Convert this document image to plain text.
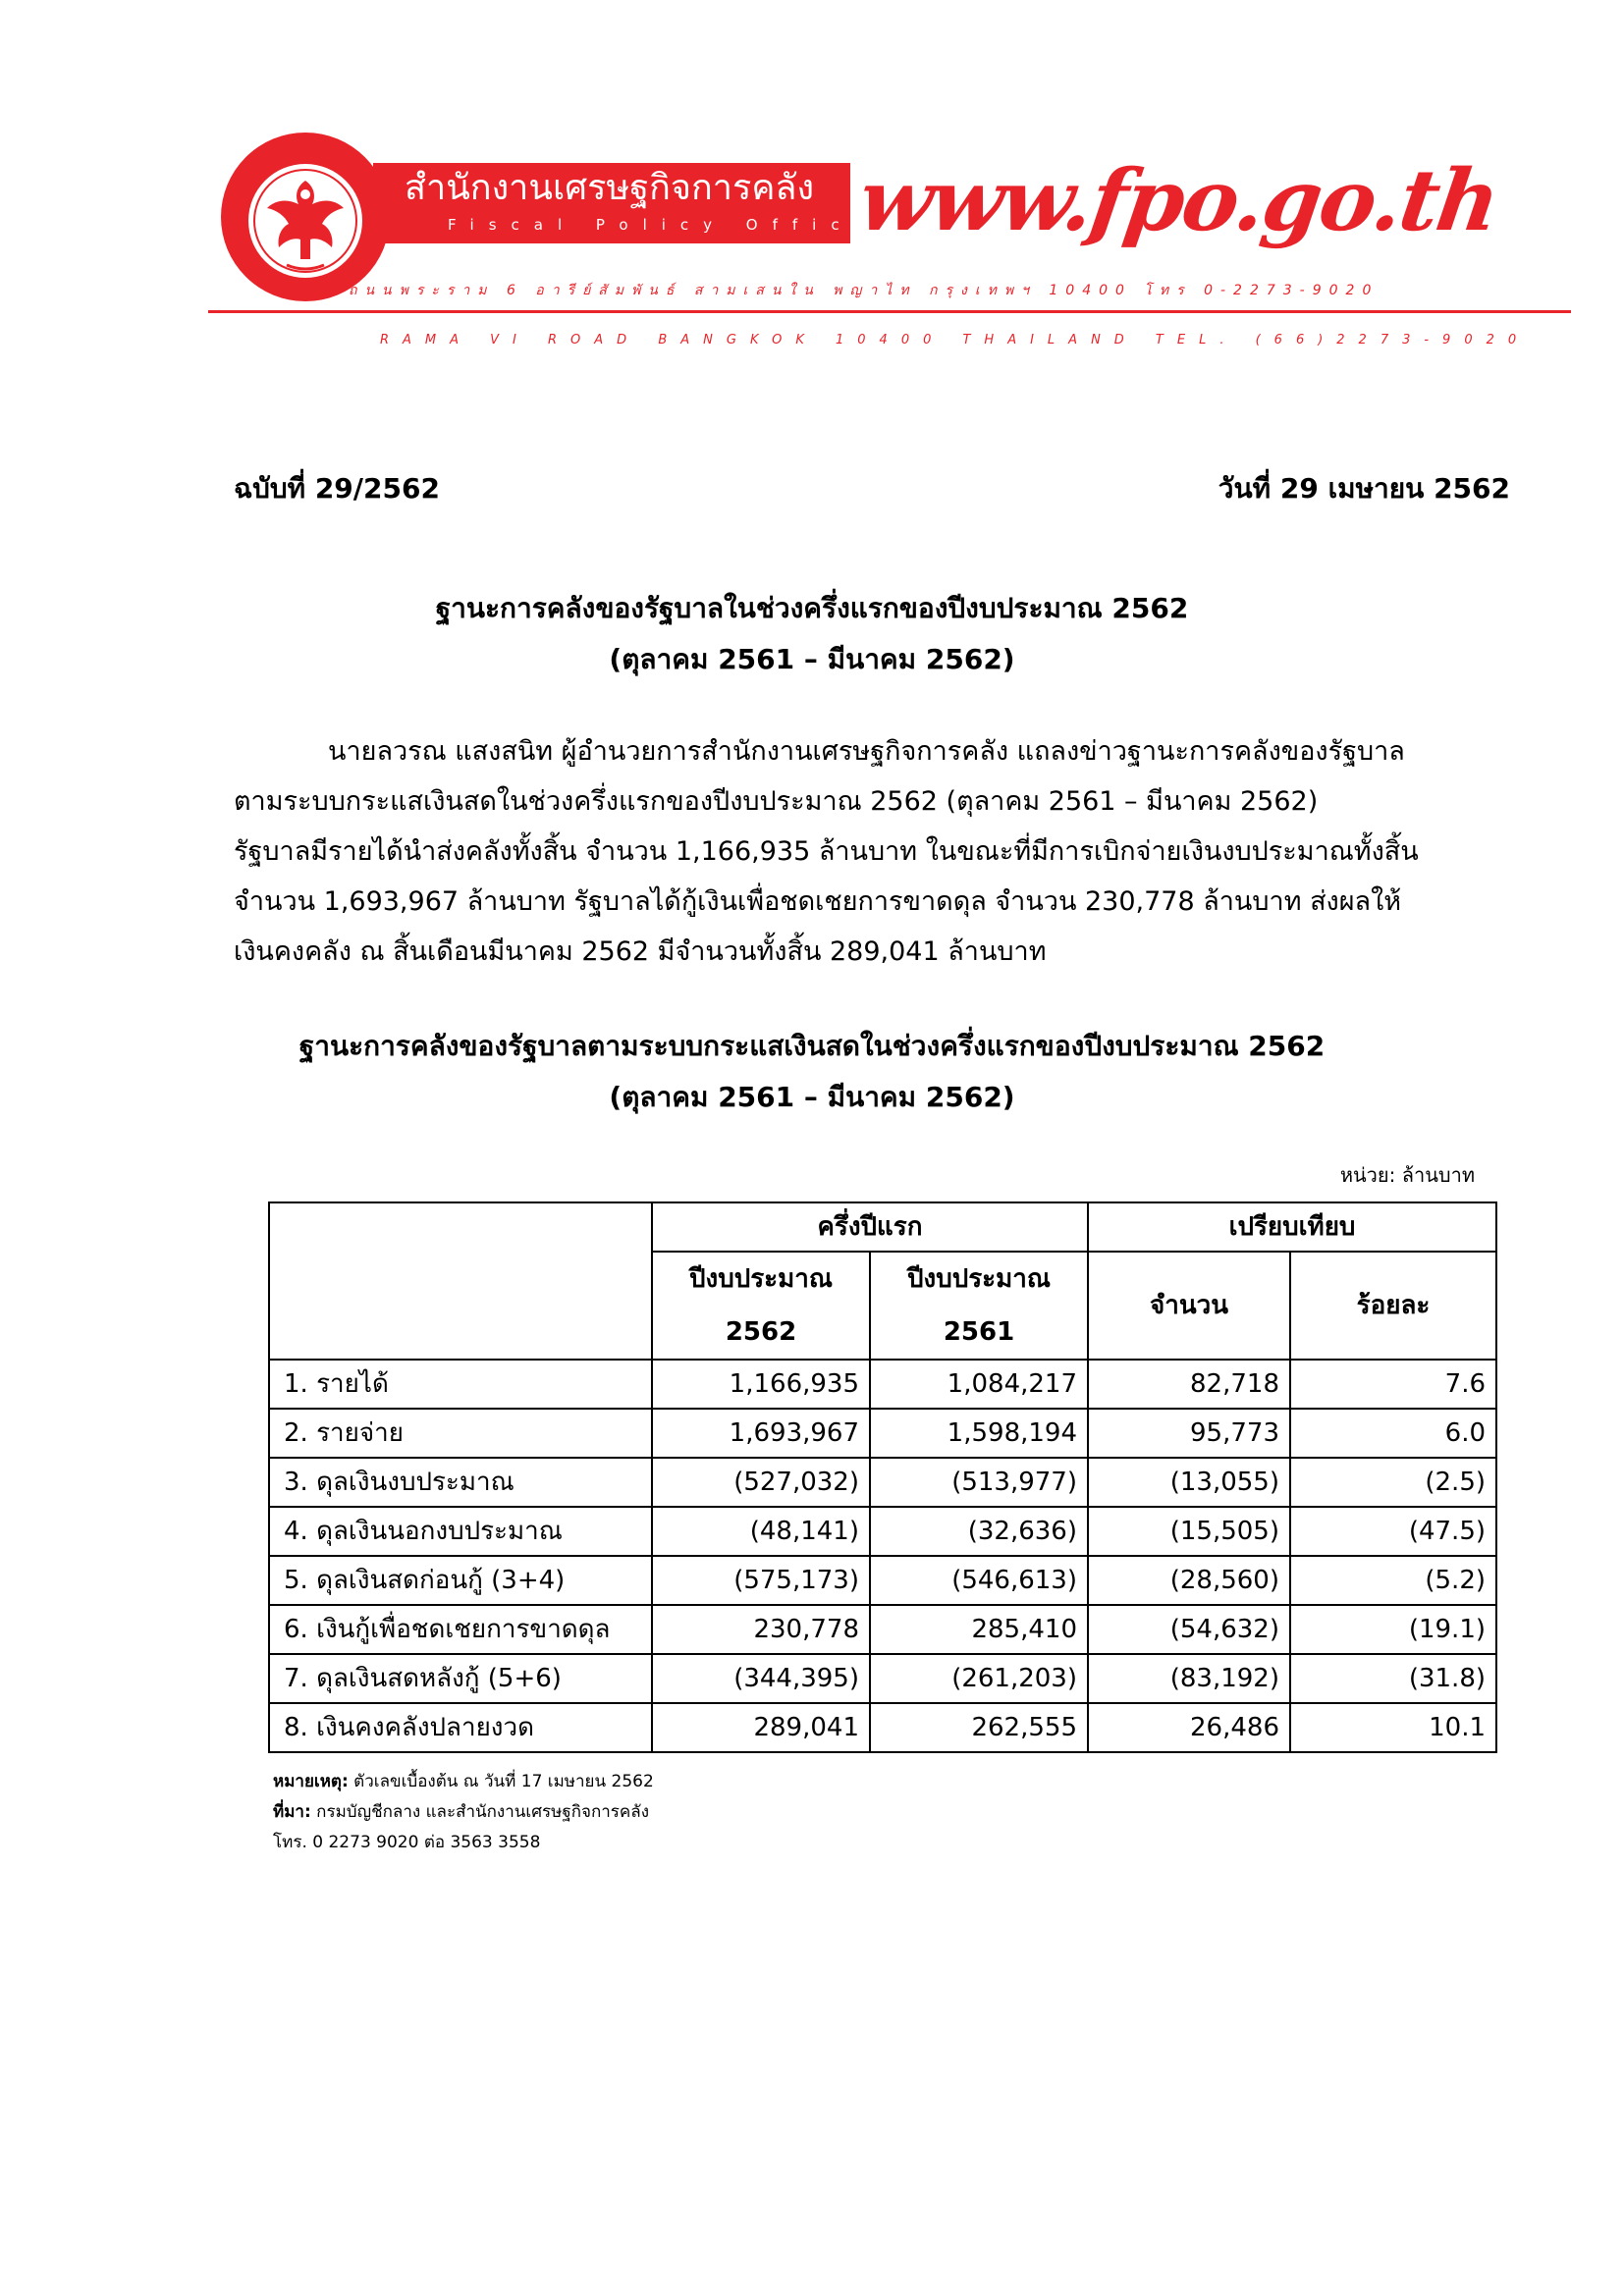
สำนักงานเศรษฐกิจการคลัง
Fiscal Policy Office
www.fpo.go.th
ถนนพระราม 6 อารีย์สัมพันธ์ สามเสนใน พญาไท กรุงเทพฯ 10400 โทร 0-2273-9020
RAMA VI ROAD BANGKOK 10400 THAILAND TEL. (66)2273-9020
ฉบับที่ 29/2562	วันที่ 29 เมษายน 2562
ฐานะการคลังของรัฐบาลในช่วงครึ่งแรกของปีงบประมาณ 2562
(ตุลาคม 2561 – มีนาคม 2562)
นายลวรณ แสงสนิท ผู้อำนวยการสำนักงานเศรษฐกิจการคลัง แถลงข่าวฐานะการคลังของรัฐบาล
ตามระบบกระแสเงินสดในช่วงครึ่งแรกของปีงบประมาณ 2562 (ตุลาคม 2561 – มีนาคม 2562)
รัฐบาลมีรายได้นำส่งคลังทั้งสิ้น จำนวน 1,166,935 ล้านบาท ในขณะที่มีการเบิกจ่ายเงินงบประมาณทั้งสิ้น
จำนวน 1,693,967 ล้านบาท รัฐบาลได้กู้เงินเพื่อชดเชยการขาดดุล จำนวน 230,778 ล้านบาท ส่งผลให้
เงินคงคลัง ณ สิ้นเดือนมีนาคม 2562 มีจำนวนทั้งสิ้น 289,041 ล้านบาท
ฐานะการคลังของรัฐบาลตามระบบกระแสเงินสดในช่วงครึ่งแรกของปีงบประมาณ 2562
(ตุลาคม 2561 – มีนาคม 2562)
หน่วย: ล้านบาท
	ครึ่งปีแรก		เปรียบเทียบ	

	ปีงบประมาณ
2562	ปีงบประมาณ
2561	จำนวน	ร้อยละ
1. รายได้	1,166,935	1,084,217	82,718	7.6
2. รายจ่าย	1,693,967	1,598,194	95,773	6.0
3. ดุลเงินงบประมาณ	(527,032)	(513,977)	(13,055)	(2.5)
4. ดุลเงินนอกงบประมาณ	(48,141)	(32,636)	(15,505)	(47.5)
5. ดุลเงินสดก่อนกู้ (3+4)	(575,173)	(546,613)	(28,560)	(5.2)
6. เงินกู้เพื่อชดเชยการขาดดุล	230,778	285,410	(54,632)	(19.1)
7. ดุลเงินสดหลังกู้ (5+6)	(344,395)	(261,203)	(83,192)	(31.8)
8. เงินคงคลังปลายงวด	289,041	262,555	26,486	10.1
หมายเหตุ: ตัวเลขเบื้องต้น ณ วันที่ 17 เมษายน 2562
ที่มา: กรมบัญชีกลาง และสำนักงานเศรษฐกิจการคลัง
โทร. 0 2273 9020 ต่อ 3563 3558
